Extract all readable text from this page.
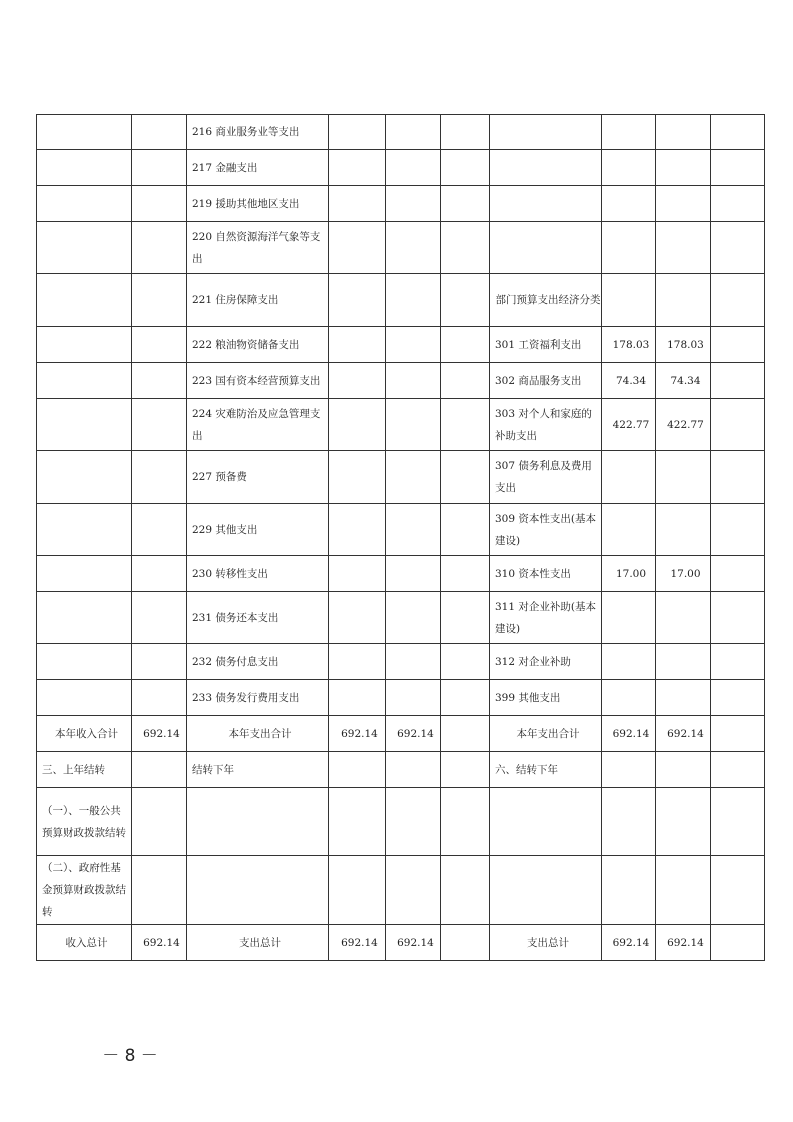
		216 商业服务业等支出							
		217 金融支出							
		219 援助其他地区支出							
		220 自然资源海洋气象等支出							
		221 住房保障支出				部门预算支出经济分类			
		222 粮油物资储备支出				301 工资福利支出	178.03	178.03	
		223 国有资本经营预算支出				302 商品服务支出	74.34	74.34	
		224 灾难防治及应急管理支出				303 对个人和家庭的补助支出	422.77	422.77	
		227 预备费				307 债务利息及费用支出			
		229 其他支出				309 资本性支出(基本建设)			
		230 转移性支出				310 资本性支出	17.00	17.00	
		231 债务还本支出				311 对企业补助(基本建设)			
		232 债务付息支出				312 对企业补助			
		233 债务发行费用支出				399 其他支出			
本年收入合计	692.14	本年支出合计	692.14	692.14		本年支出合计	692.14	692.14	
三、上年结转		结转下年				六、结转下年			
（一）、一般公共预算财政拨款结转									
（二）、政府性基金预算财政拨款结转									
收入总计	692.14	支出总计	692.14	692.14		支出总计	692.14	692.14	
－ 8 －
